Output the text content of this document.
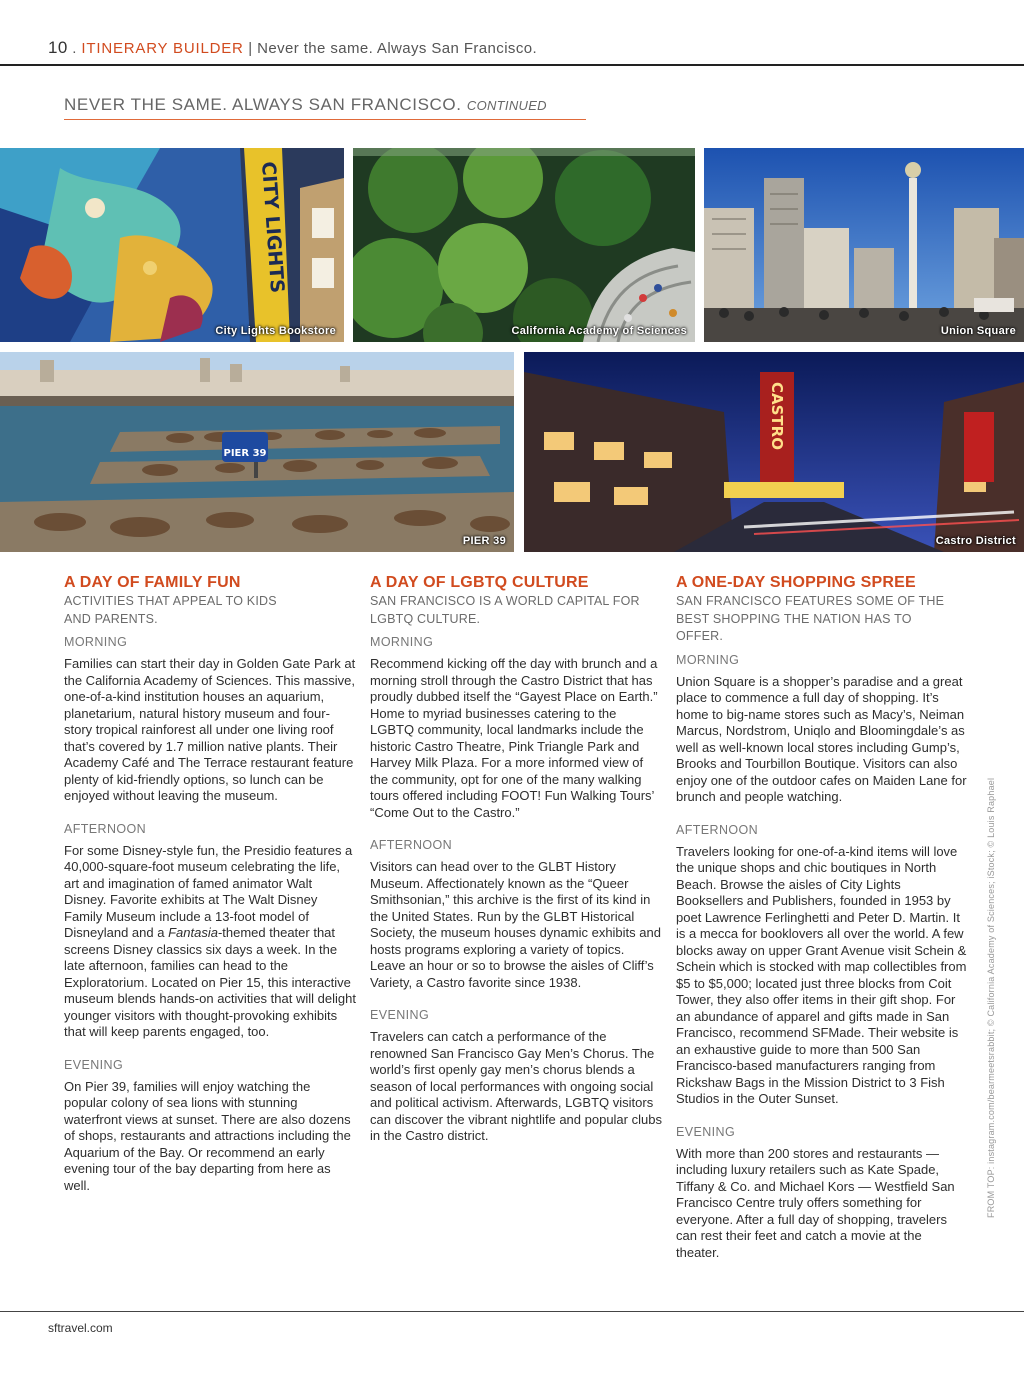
10 . ITINERARY BUILDER | Never the same. Always San Francisco.
NEVER THE SAME. ALWAYS SAN FRANCISCO. CONTINUED
CITY LIGHTS
City Lights Bookstore	California Academy of Sciences	Union Square
PIER 39
PIER 39
CASTRO
Castro District
A DAY OF FAMILY FUN

ACTIVITIES THAT APPEAL TO KIDS AND PARENTS.

MORNING

Families can start their day in Golden Gate Park at the California Academy of Sciences. This massive, one-of-a-kind institution houses an aquarium, planetarium, natural history museum and four-story tropical rainforest all under one living roof that’s covered by 1.7 million native plants. Their Academy Café and The Terrace restaurant feature plenty of kid-friendly options, so lunch can be enjoyed without leaving the museum.

AFTERNOON

For some Disney-style fun, the Presidio features a 40,000-square-foot museum celebrating the life, art and imagination of famed animator Walt Disney. Favorite exhibits at The Walt Disney Family Museum include a 13-foot model of Disneyland and a Fantasia-themed theater that screens Disney classics six days a week. In the late afternoon, families can head to the Exploratorium. Located on Pier 15, this interactive museum blends hands-on activities that will delight younger visitors with thought-provoking exhibits that will keep parents engaged, too.

EVENING

On Pier 39, families will enjoy watching the popular colony of sea lions with stunning waterfront views at sunset. There are also dozens of shops, restaurants and attractions including the Aquarium of the Bay. Or recommend an early evening tour of the bay departing from here as well.

A DAY OF LGBTQ CULTURE

SAN FRANCISCO IS A WORLD CAPITAL FOR LGBTQ CULTURE.

MORNING

Recommend kicking off the day with brunch and a morning stroll through the Castro District that has proudly dubbed itself the “Gayest Place on Earth.” Home to myriad businesses catering to the LGBTQ community, local landmarks include the historic Castro Theatre, Pink Triangle Park and Harvey Milk Plaza. For a more informed view of the community, opt for one of the many walking tours offered including FOOT! Fun Walking Tours’ “Come Out to the Castro.”

AFTERNOON

Visitors can head over to the GLBT History Museum. Affectionately known as the “Queer Smithsonian,” this archive is the first of its kind in the United States. Run by the GLBT Historical Society, the museum houses dynamic exhibits and hosts programs exploring a variety of topics. Leave an hour or so to browse the aisles of Cliff’s Variety, a Castro favorite since 1938.

EVENING

Travelers can catch a performance of the renowned San Francisco Gay Men’s Chorus. The world’s first openly gay men’s chorus blends a season of local performances with ongoing social and political activism. Afterwards, LGBTQ visitors can discover the vibrant nightlife and popular clubs in the Castro district.

A ONE-DAY SHOPPING SPREE

SAN FRANCISCO FEATURES SOME OF THE BEST SHOPPING THE NATION HAS TO OFFER.

MORNING

Union Square is a shopper’s paradise and a great place to commence a full day of shopping. It’s home to big-name stores such as Macy’s, Neiman Marcus, Nordstrom, Uniqlo and Bloomingdale’s as well as well-known local stores including Gump’s, Brooks and Tourbillon Boutique. Visitors can also enjoy one of the outdoor cafes on Maiden Lane for brunch and people watching.

AFTERNOON

Travelers looking for one-of-a-kind items will love the unique shops and chic boutiques in North Beach. Browse the aisles of City Lights Booksellers and Publishers, founded in 1953 by poet Lawrence Ferlinghetti and Peter D. Martin. It is a mecca for booklovers all over the world. A few blocks away on upper Grant Avenue visit Schein & Schein which is stocked with map collectibles from $5 to $5,000; located just three blocks from Coit Tower, they also offer items in their gift shop. For an abundance of apparel and gifts made in San Francisco, recommend SFMade. Their website is an exhaustive guide to more than 500 San Francisco-based manufacturers ranging from Rickshaw Bags in the Mission District to 3 Fish Studios in the Outer Sunset.

EVENING

With more than 200 stores and restaurants — including luxury retailers such as Kate Spade, Tiffany & Co. and Michael Kors — Westfield San Francisco Centre truly offers something for everyone. After a full day of shopping, travelers can rest their feet and catch a movie at the theater.

FROM TOP: instagram.com/bearmeetsrabbit; © California Academy of Sciences; iStock; © Louis Raphael
sftravel.com
